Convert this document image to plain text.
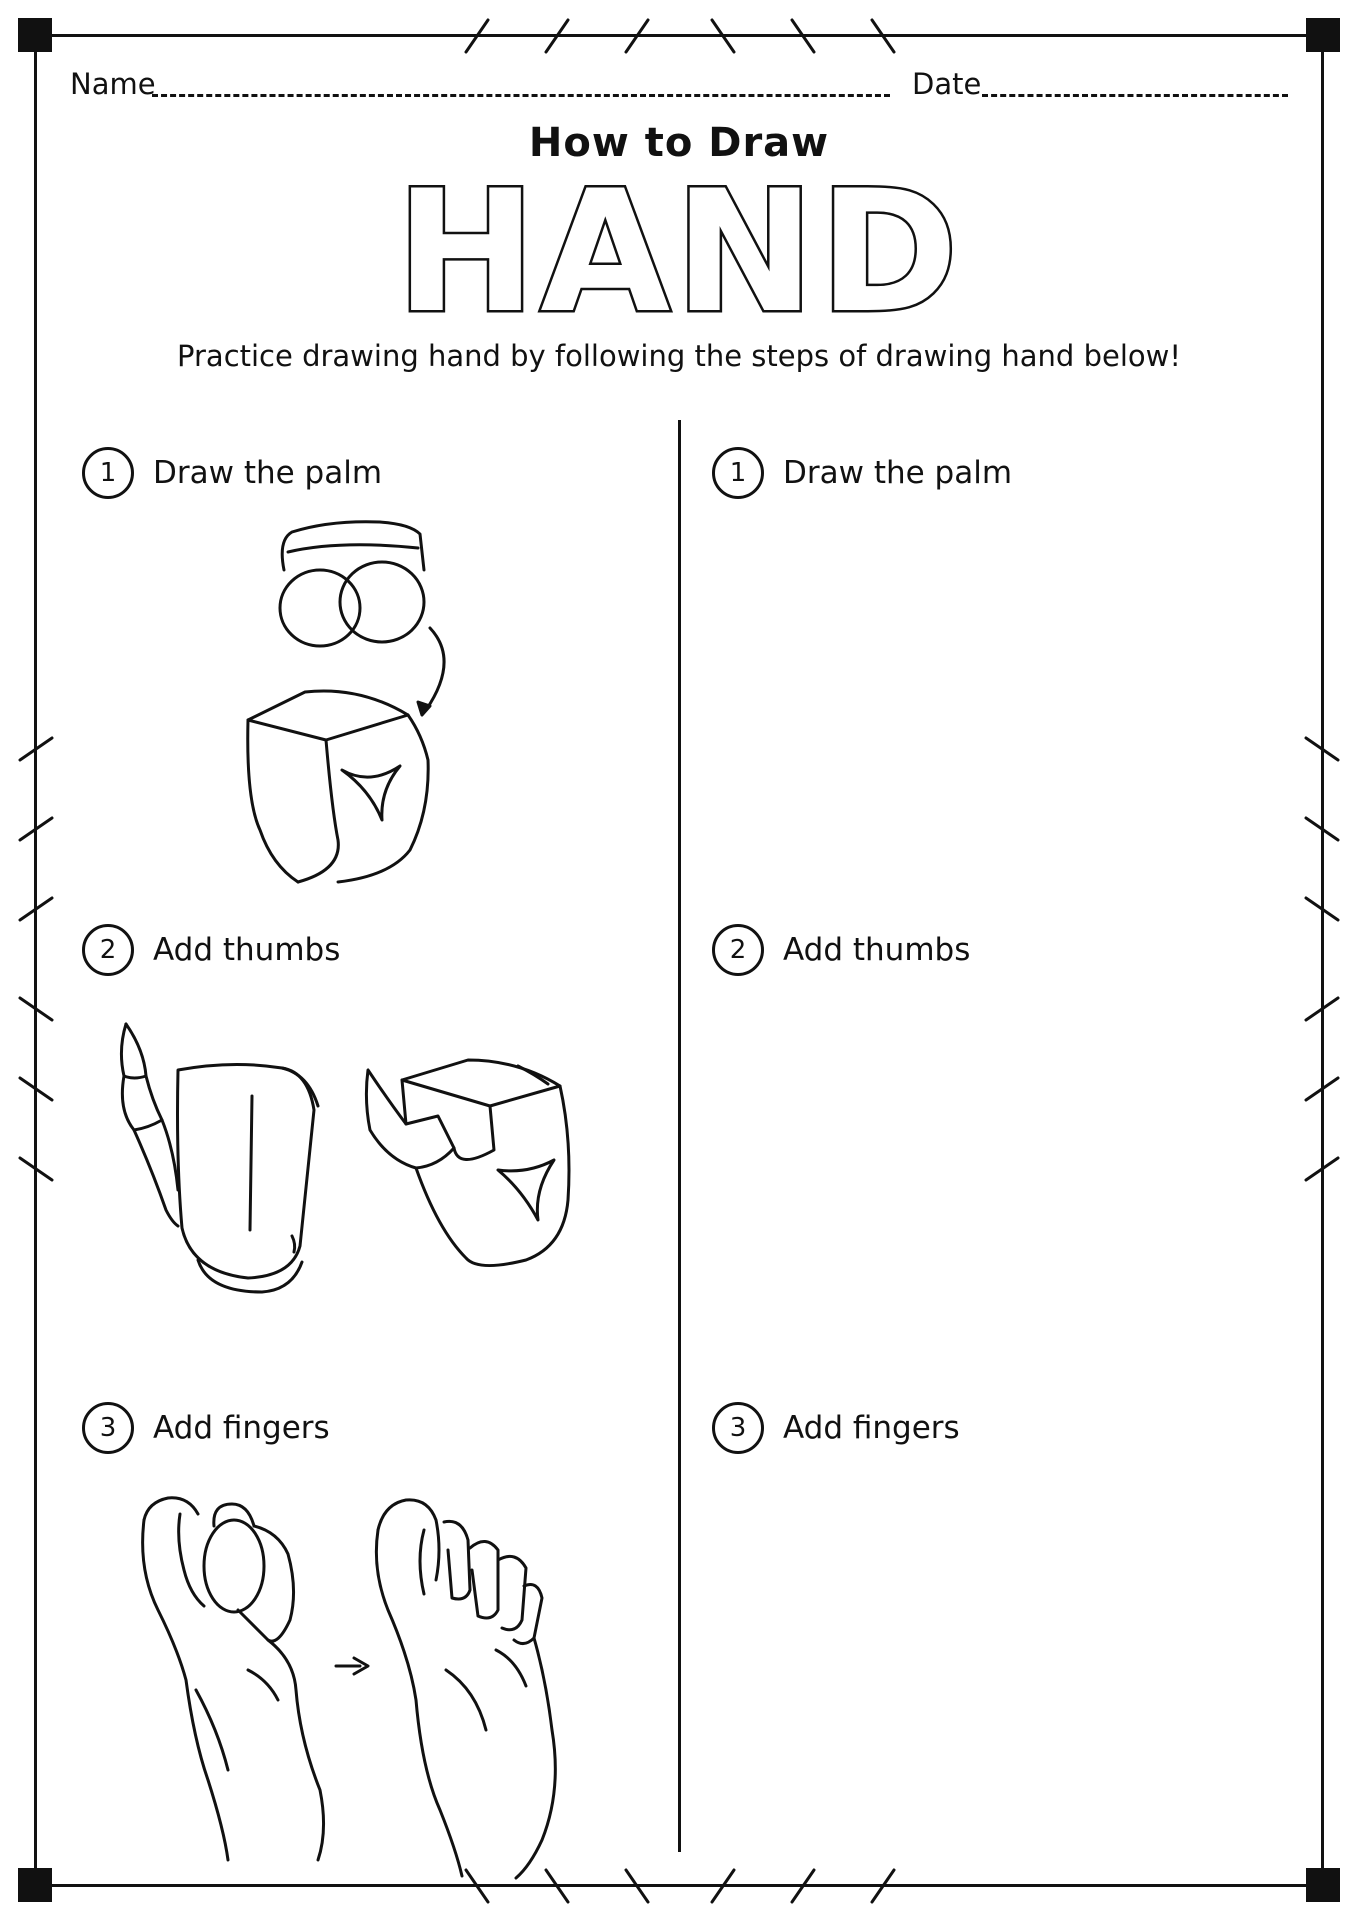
Name	Date
How to Draw
HAND
Practice drawing hand by following the steps of drawing hand below!
1	Draw the palm
2	Add thumbs
3	Add fingers
1	Draw the palm
2	Add thumbs
3	Add fingers
